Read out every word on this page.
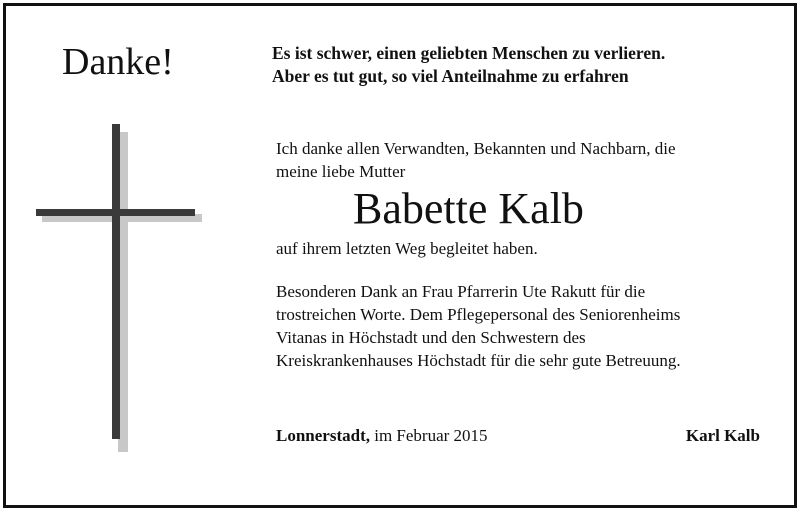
Danke!	Es ist schwer, einen geliebten Menschen zu verlieren.
Aber es tut gut, so viel Anteilnahme zu erfahren
Ich danke allen Verwandten, Bekannten und Nachbarn, die
meine liebe Mutter
Babette Kalb
auf ihrem letzten Weg begleitet haben.
Besonderen Dank an Frau Pfarrerin Ute Rakutt für die
trostreichen Worte. Dem Pflegepersonal des Seniorenheims
Vitanas in Höchstadt und den Schwestern des
Kreiskrankenhauses Höchstadt für die sehr gute Betreuung.
Lonnerstadt, im Februar 2015	Karl Kalb
